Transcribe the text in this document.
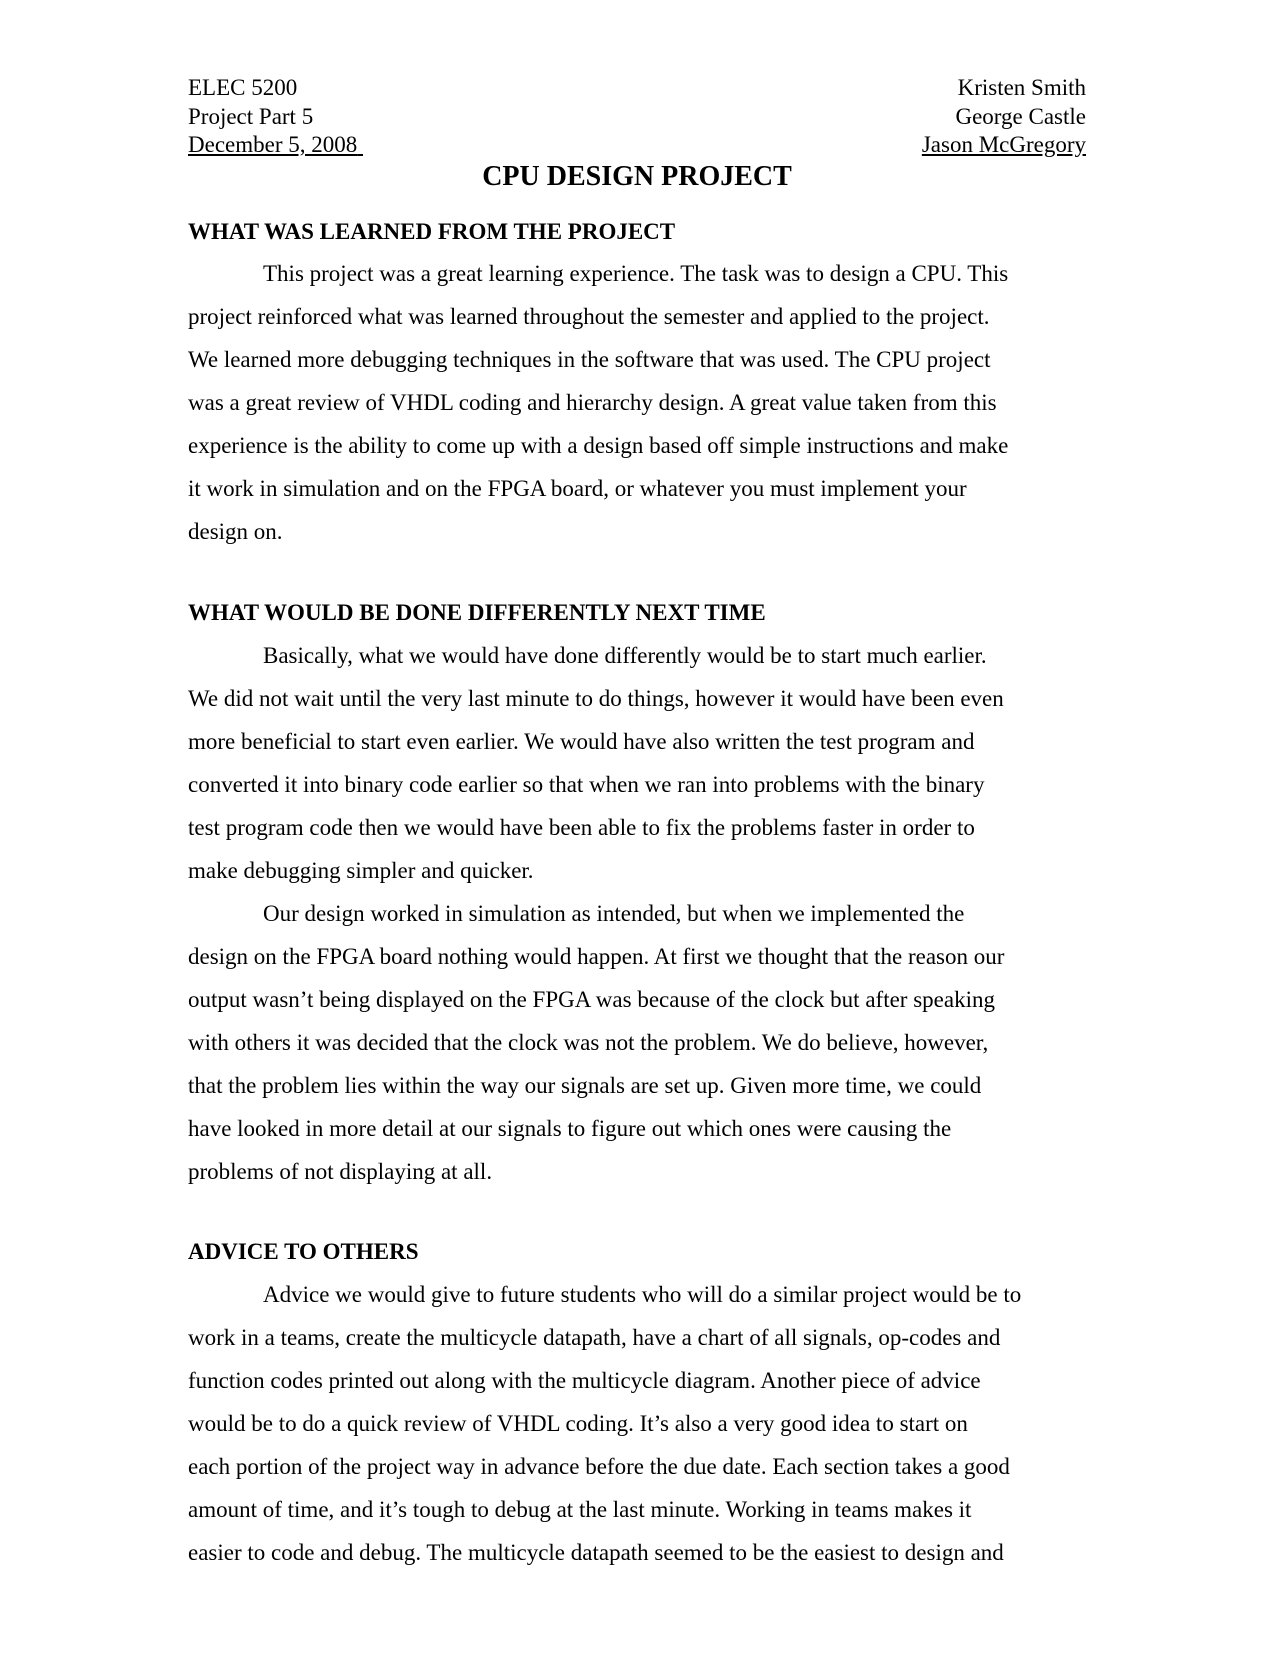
ELEC 5200	Kristen Smith
Project Part 5	George Castle
December 5, 2008
	Jason McGregory
CPU DESIGN PROJECT
WHAT WAS LEARNED FROM THE PROJECT
This project was a great learning experience. The task was to design a CPU. This
project reinforced what was learned throughout the semester and applied to the project.
We learned more debugging techniques in the software that was used. The CPU project
was a great review of VHDL coding and hierarchy design. A great value taken from this
experience is the ability to come up with a design based off simple instructions and make
it work in simulation and on the FPGA board, or whatever you must implement your
design on.
WHAT WOULD BE DONE DIFFERENTLY NEXT TIME
Basically, what we would have done differently would be to start much earlier.
We did not wait until the very last minute to do things, however it would have been even
more beneficial to start even earlier. We would have also written the test program and
converted it into binary code earlier so that when we ran into problems with the binary
test program code then we would have been able to fix the problems faster in order to
make debugging simpler and quicker.
Our design worked in simulation as intended, but when we implemented the
design on the FPGA board nothing would happen. At first we thought that the reason our
output wasn’t being displayed on the FPGA was because of the clock but after speaking
with others it was decided that the clock was not the problem. We do believe, however,
that the problem lies within the way our signals are set up. Given more time, we could
have looked in more detail at our signals to figure out which ones were causing the
problems of not displaying at all.
ADVICE TO OTHERS
Advice we would give to future students who will do a similar project would be to
work in a teams, create the multicycle datapath, have a chart of all signals, op-codes and
function codes printed out along with the multicycle diagram. Another piece of advice
would be to do a quick review of VHDL coding. It’s also a very good idea to start on
each portion of the project way in advance before the due date. Each section takes a good
amount of time, and it’s tough to debug at the last minute. Working in teams makes it
easier to code and debug. The multicycle datapath seemed to be the easiest to design and
